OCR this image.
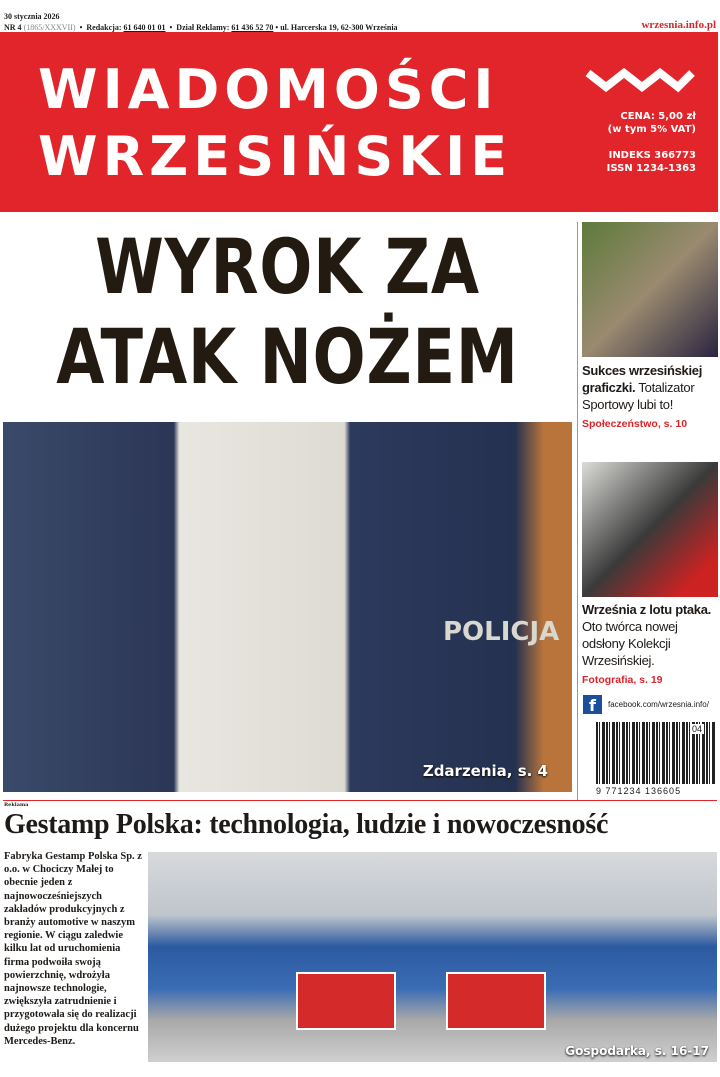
30 stycznia 2026
NR 4 (1865/XXXVII)  •  Redakcja: 61 640 01 01  •  Dział Reklamy: 61 436 52 70 • ul. Harcerska 19, 62-300 Września	wrzesnia.info.pl
WIADOMOŚCI
WRZESIŃSKIE
CENA: 5,00 zł
(w tym 5% VAT)
INDEKS 366773
ISSN 1234-1363
WYROK ZA
ATAK NOŻEM
POLICJA
Zdarzenia, s. 4
Sukces wrzesińskiej graficzki. Totalizator Sportowy lubi to!
Społeczeństwo, s. 10
Września z lotu ptaka. Oto twórca nowej odsłony Kolekcji Wrzesińskiej.
Fotografia, s. 19
f	facebook.com/wrzesnia.info/
04
9 771234 136605
Reklama
Gestamp Polska: technologia, ludzie i nowoczesność
Fabryka Gestamp Polska Sp. z o.o. w Chociczy Małej to obecnie jeden z najnowocześniejszych zakładów produkcyjnych z branży automotive w naszym regionie. W ciągu zaledwie kilku lat od uruchomienia firma podwoiła swoją powierzchnię, wdrożyła najnowsze technologie, zwiększyła zatrudnienie i przygotowała się do realizacji dużego projektu dla koncernu Mercedes-Benz.
Gospodarka, s. 16-17
